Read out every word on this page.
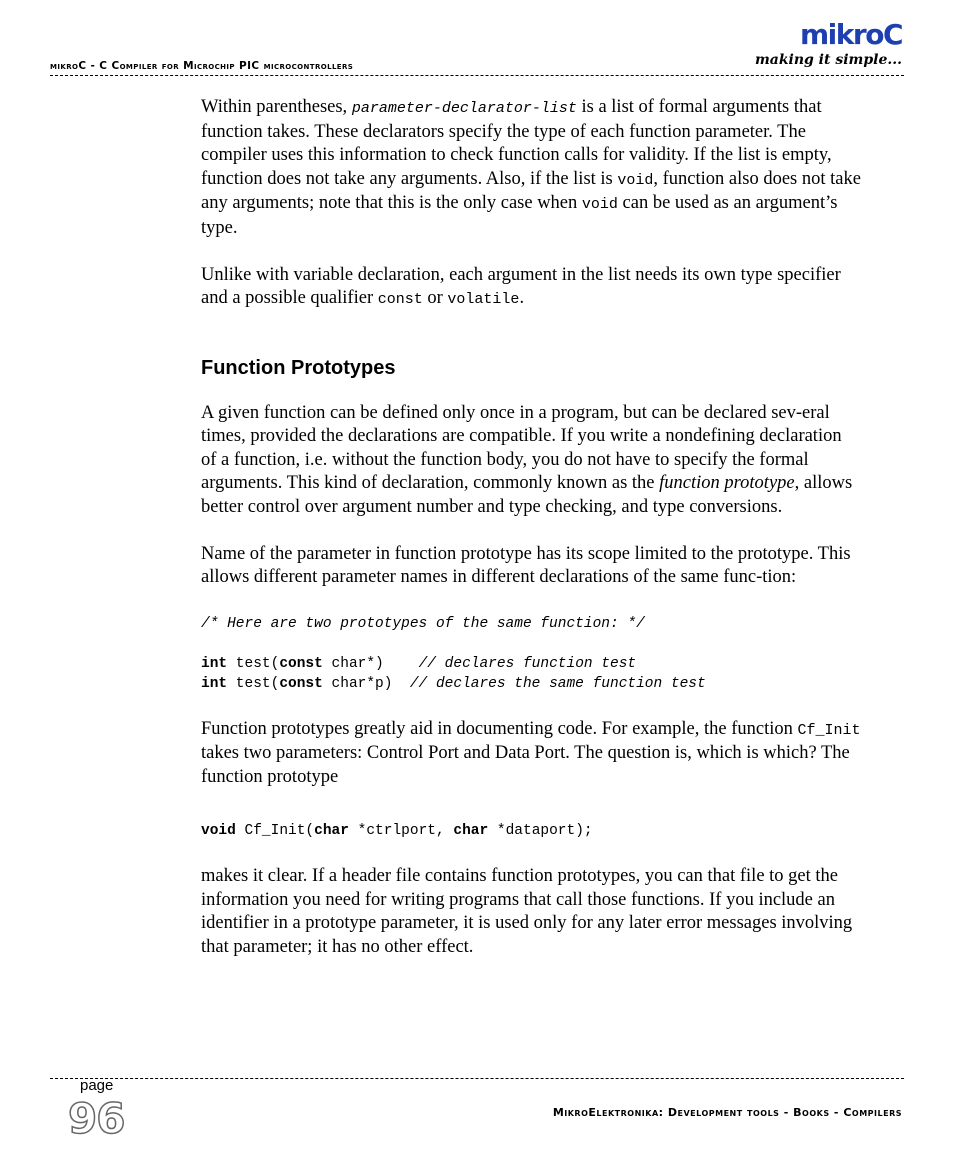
mikroC - C Compiler for Microchip PIC microcontrollers
mikroC
making it simple...

Within parentheses, parameter-declarator-list is a list of formal arguments that function takes. These declarators specify the type of each function parameter. The compiler uses this information to check function calls for validity. If the list is empty, function does not take any arguments. Also, if the list is void, function also does not take any arguments; note that this is the only case when void can be used as an argument’s type.

Unlike with variable declaration, each argument in the list needs its own type specifier and a possible qualifier const or volatile.

Function Prototypes

A given function can be defined only once in a program, but can be declared sev-eral times, provided the declarations are compatible. If you write a nondefining declaration of a function, i.e. without the function body, you do not have to specify the formal arguments. This kind of declaration, commonly known as the function prototype, allows better control over argument number and type checking, and type conversions.

Name of the parameter in function prototype has its scope limited to the prototype. This allows different parameter names in different declarations of the same func-tion:

/* Here are two prototypes of the same function: */

int test(const char*)    // declares function test
int test(const char*p)  // declares the same function test

Function prototypes greatly aid in documenting code. For example, the function Cf_Init takes two parameters: Control Port and Data Port. The question is, which is which? The function prototype

void Cf_Init(char *ctrlport, char *dataport);

makes it clear. If a header file contains function prototypes, you can that file to get the information you need for writing programs that call those functions. If you include an identifier in a prototype parameter, it is used only for any later error messages involving that parameter; it has no other effect.

page
96	MikroElektronika: Development tools - Books - Compilers
